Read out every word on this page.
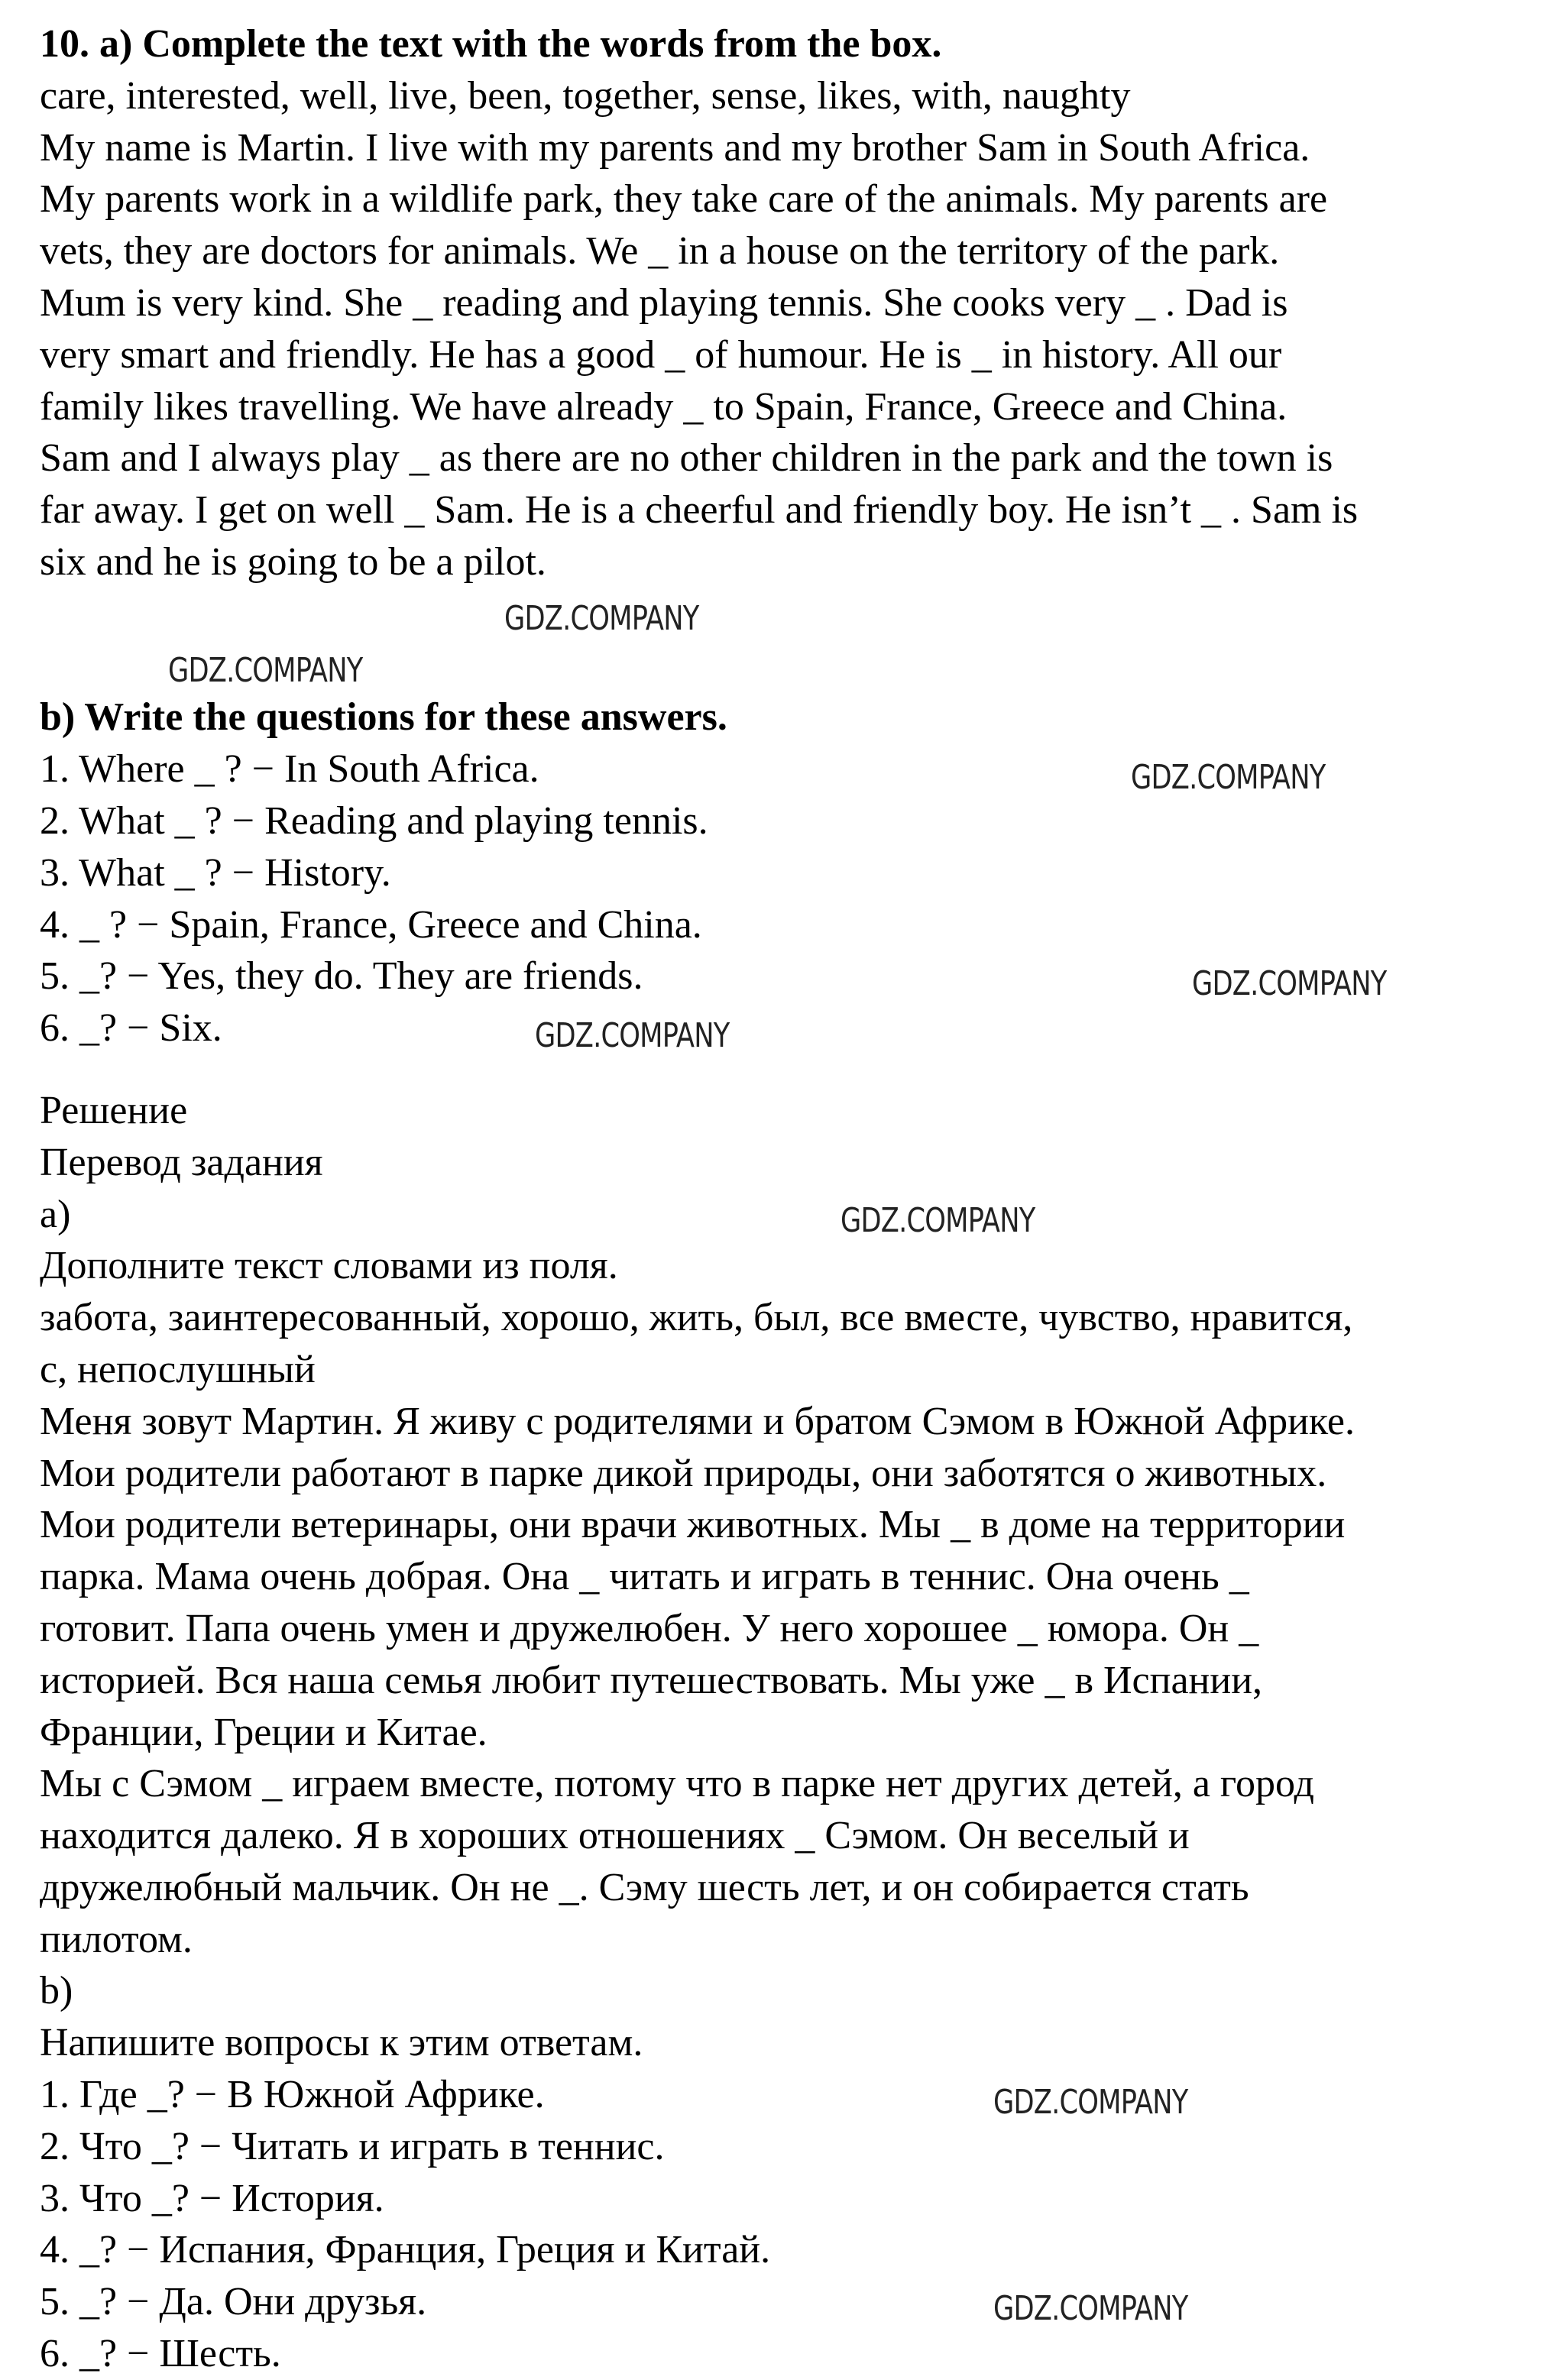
10. a) Complete the text with the words from the box.
care, interested, well, live, been, together, sense, likes, with, naughty
My name is Martin. I live with my parents and my brother Sam in South Africa.
My parents work in a wildlife park, they take care of the animals. My parents are
vets, they are doctors for animals. We _ in a house on the territory of the park.
Mum is very kind. She _ reading and playing tennis. She cooks very _ . Dad is
very smart and friendly. He has a good _ of humour. He is _ in history. All our
family likes travelling. We have already _ to Spain, France, Greece and China.
Sam and I always play _ as there are no other children in the park and the town is
far away. I get on well _ Sam. He is a cheerful and friendly boy. He isn’t _ . Sam is
six and he is going to be a pilot.
b) Write the questions for these answers.
1. Where _ ? − In South Africa.
2. What _ ? − Reading and playing tennis.
3. What _ ? − History.
4. _ ? − Spain, France, Greece and China.
5. _? − Yes, they do. They are friends.
6. _? − Six.
Решение
Перевод задания
а)
Дополните текст словами из поля.
забота, заинтересованный, хорошо, жить, был, все вместе, чувство, нравится,
с, непослушный
Меня зовут Мартин. Я живу с родителями и братом Сэмом в Южной Африке.
Мои родители работают в парке дикой природы, они заботятся о животных.
Мои родители ветеринары, они врачи животных. Мы _ в доме на территории
парка. Мама очень добрая. Она _ читать и играть в теннис. Она очень _
готовит. Папа очень умен и дружелюбен. У него хорошее _ юмора. Он _
историей. Вся наша семья любит путешествовать. Мы уже _ в Испании,
Франции, Греции и Китае.
Мы с Сэмом _ играем вместе, потому что в парке нет других детей, а город
находится далеко. Я в хороших отношениях _ Сэмом. Он веселый и
дружелюбный мальчик. Он не _. Сэму шесть лет, и он собирается стать
пилотом.
b)
Напишите вопросы к этим ответам.
1. Где _? − В Южной Африке.
2. Что _? − Читать и играть в теннис.
3. Что _? − История.
4. _? − Испания, Франция, Греция и Китай.
5. _? − Да. Они друзья.
6. _? − Шесть.
GDZ.COMPANY
GDZ.COMPANY
GDZ.COMPANY
GDZ.COMPANY
GDZ.COMPANY
GDZ.COMPANY
GDZ.COMPANY
GDZ.COMPANY
